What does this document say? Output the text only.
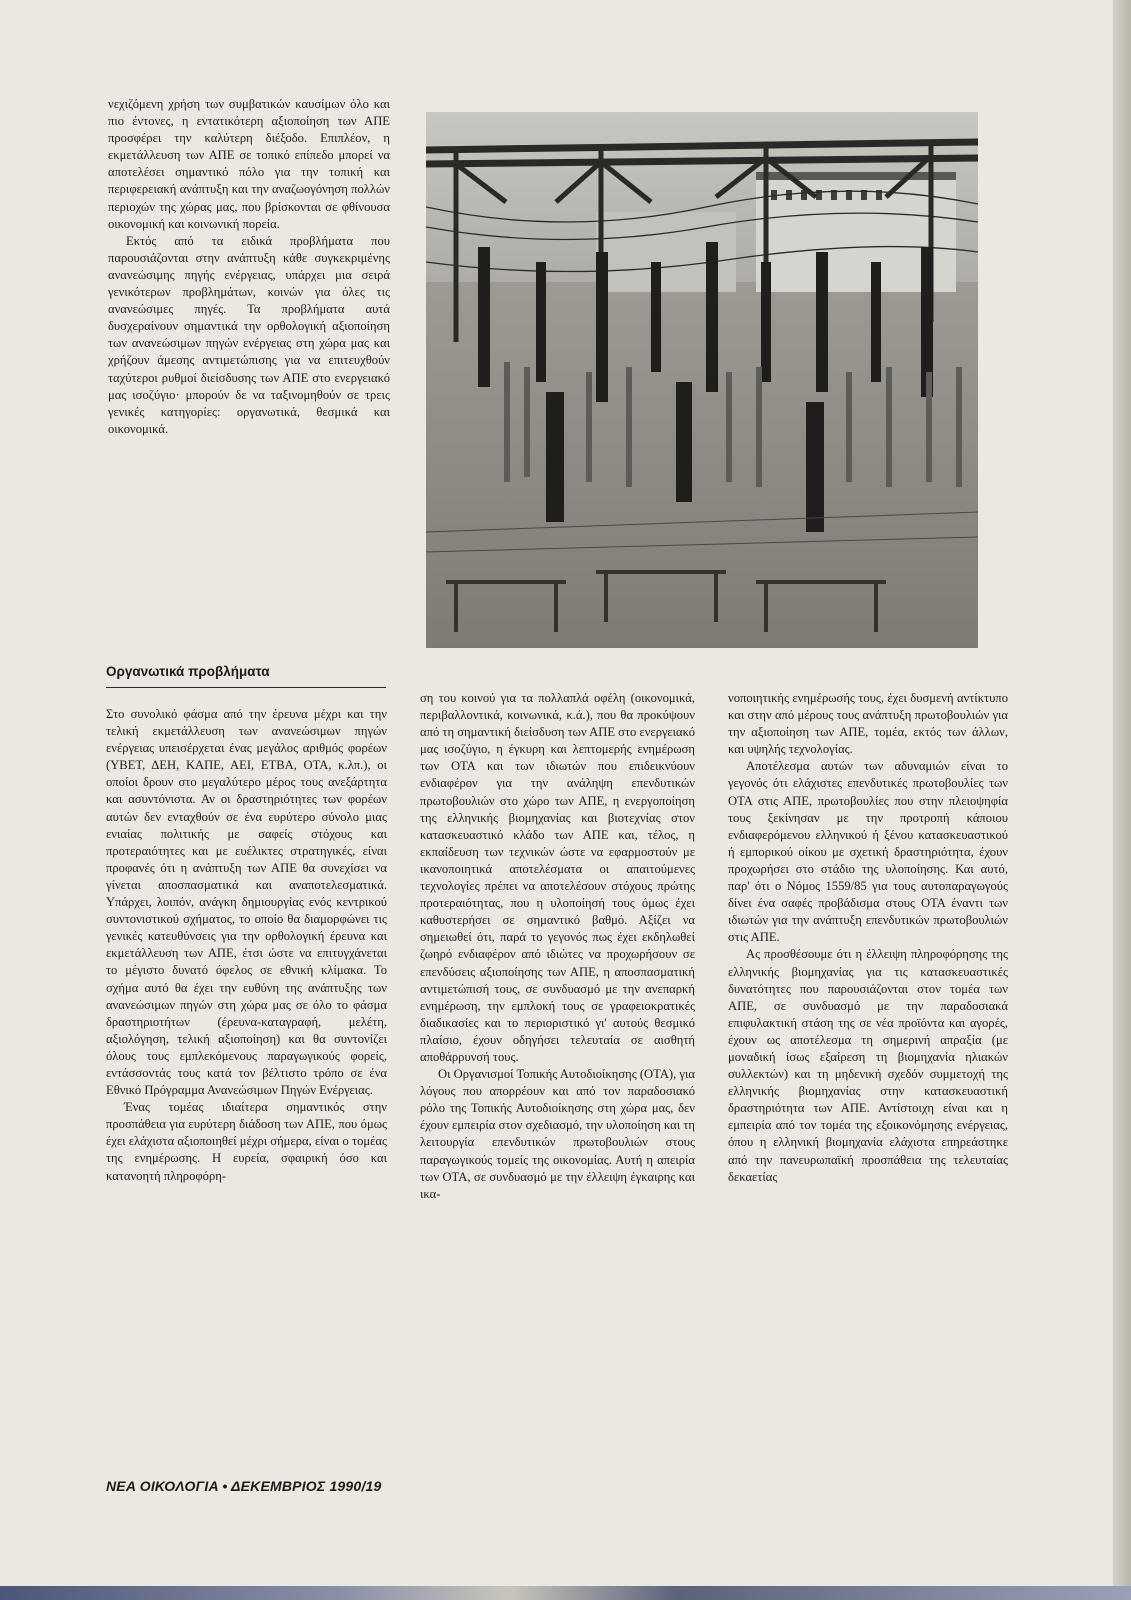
νεχιζόμενη χρήση των συμβατικών καυσίμων όλο και πιο έντονες, η εντατικότερη αξιοποίηση των ΑΠΕ προσφέρει την καλύτερη διέξοδο. Επιπλέον, η εκμετάλλευση των ΑΠΕ σε τοπικό επίπεδο μπορεί να αποτελέσει σημαντικό πόλο για την τοπική και περιφερειακή ανάπτυξη και την αναζωογόνηση πολλών περιοχών της χώρας μας, που βρίσκονται σε φθίνουσα οικονομική και κοινωνική πορεία.

Εκτός από τα ειδικά προβλήματα που παρουσιάζονται στην ανάπτυξη κάθε συγκεκριμένης ανανεώσιμης πηγής ενέργειας, υπάρχει μια σειρά γενικότερων προβλημάτων, κοινών για όλες τις ανανεώσιμες πηγές. Τα προβλήματα αυτά δυσχεραίνουν σημαντικά την ορθολογική αξιοποίηση των ανανεώσιμων πηγών ενέργειας στη χώρα μας και χρήζουν άμεσης αντιμετώπισης για να επιτευχθούν ταχύτεροι ρυθμοί διείσδυσης των ΑΠΕ στο ενεργειακό μας ισοζύγιο· μπορούν δε να ταξινομηθούν σε τρεις γενικές κατηγορίες: οργανωτικά, θεσμικά και οικονομικά.

Οργανωτικά προβλήματα

Στο συνολικό φάσμα από την έρευνα μέχρι και την τελική εκμετάλλευση των ανανεώσιμων πηγών ενέργειας υπεισέρχεται ένας μεγάλος αριθμός φορέων (ΥΒΕΤ, ΔΕΗ, ΚΑΠΕ, ΑΕΙ, ΕΤΒΑ, ΟΤΑ, κ.λπ.), οι οποίοι δρουν στο μεγαλύτερο μέρος τους ανεξάρτητα και ασυντόνιστα. Αν οι δραστηριότητες των φορέων αυτών δεν ενταχθούν σε ένα ευρύτερο σύνολο μιας ενιαίας πολιτικής με σαφείς στόχους και προτεραιότητες και με ευέλικτες στρατηγικές, είναι προφανές ότι η ανάπτυξη των ΑΠΕ θα συνεχίσει να γίνεται αποσπασματικά και αναποτελεσματικά. Υπάρχει, λοιπόν, ανάγκη δημιουργίας ενός κεντρικού συντονιστικού σχήματος, το οποίο θα διαμορφώνει τις γενικές κατευθύνσεις για την ορθολογική έρευνα και εκμετάλλευση των ΑΠΕ, έτσι ώστε να επιτυγχάνεται το μέγιστο δυνατό όφελος σε εθνική κλίμακα. Το σχήμα αυτό θα έχει την ευθύνη της ανάπτυξης των ανανεώσιμων πηγών στη χώρα μας σε όλο το φάσμα δραστηριοτήτων (έρευνα-καταγραφή, μελέτη, αξιολόγηση, τελική αξιοποίηση) και θα συντονίζει όλους τους εμπλεκόμενους παραγωγικούς φορείς, εντάσσοντάς τους κατά τον βέλτιστο τρόπο σε ένα Εθνικό Πρόγραμμα Ανανεώσιμων Πηγών Ενέργειας.

Ένας τομέας ιδιαίτερα σημαντικός στην προσπάθεια για ευρύτερη διάδοση των ΑΠΕ, που όμως έχει ελάχιστα αξιοποιηθεί μέχρι σήμερα, είναι ο τομέας της ενημέρωσης. Η ευρεία, σφαιρική όσο και κατανοητή πληροφόρη-

ση του κοινού για τα πολλαπλά οφέλη (οικονομικά, περιβαλλοντικά, κοινωνικά, κ.ά.), που θα προκύψουν από τη σημαντική διείσδυση των ΑΠΕ στο ενεργειακό μας ισοζύγιο, η έγκυρη και λεπτομερής ενημέρωση των ΟΤΑ και των ιδιωτών που επιδεικνύουν ενδιαφέρον για την ανάληψη επενδυτικών πρωτοβουλιών στο χώρο των ΑΠΕ, η ενεργοποίηση της ελληνικής βιομηχανίας και βιοτεχνίας στον κατασκευαστικό κλάδο των ΑΠΕ και, τέλος, η εκπαίδευση των τεχνικών ώστε να εφαρμοστούν με ικανοποιητικά αποτελέσματα οι απαιτούμενες τεχνολογίες πρέπει να αποτελέσουν στόχους πρώτης προτεραιότητας, που η υλοποίησή τους όμως έχει καθυστερήσει σε σημαντικό βαθμό. Αξίζει να σημειωθεί ότι, παρά το γεγονός πως έχει εκδηλωθεί ζωηρό ενδιαφέρον από ιδιώτες να προχωρήσουν σε επενδύσεις αξιοποίησης των ΑΠΕ, η αποσπασματική αντιμετώπισή τους, σε συνδυασμό με την ανεπαρκή ενημέρωση, την εμπλοκή τους σε γραφειοκρατικές διαδικασίες και το περιοριστικό γι' αυτούς θεσμικό πλαίσιο, έχουν οδηγήσει τελευταία σε αισθητή αποθάρρυνσή τους.

Οι Οργανισμοί Τοπικής Αυτοδιοίκησης (ΟΤΑ), για λόγους που απορρέουν και από τον παραδοσιακό ρόλο της Τοπικής Αυτοδιοίκησης στη χώρα μας, δεν έχουν εμπειρία στον σχεδιασμό, την υλοποίηση και τη λειτουργία επενδυτικών πρωτοβουλιών στους παραγωγικούς τομείς της οικονομίας. Αυτή η απειρία των ΟΤΑ, σε συνδυασμό με την έλλειψη έγκαιρης και ικα-

νοποιητικής ενημέρωσής τους, έχει δυσμενή αντίκτυπο και στην από μέρους τους ανάπτυξη πρωτοβουλιών για την αξιοποίηση των ΑΠΕ, τομέα, εκτός των άλλων, και υψηλής τεχνολογίας.

Αποτέλεσμα αυτών των αδυναμιών είναι το γεγονός ότι ελάχιστες επενδυτικές πρωτοβουλίες των ΟΤΑ στις ΑΠΕ, πρωτοβουλίες που στην πλειοψηφία τους ξεκίνησαν με την προτροπή κάποιου ενδιαφερόμενου ελληνικού ή ξένου κατασκευαστικού ή εμπορικού οίκου με σχετική δραστηριότητα, έχουν προχωρήσει στο στάδιο της υλοποίησης. Και αυτό, παρ' ότι ο Νόμος 1559/85 για τους αυτοπαραγωγούς δίνει ένα σαφές προβάδισμα στους ΟΤΑ έναντι των ιδιωτών για την ανάπτυξη επενδυτικών πρωτοβουλιών στις ΑΠΕ.

Ας προσθέσουμε ότι η έλλειψη πληροφόρησης της ελληνικής βιομηχανίας για τις κατασκευαστικές δυνατότητες που παρουσιάζονται στον τομέα των ΑΠΕ, σε συνδυασμό με την παραδοσιακά επιφυλακτική στάση της σε νέα προϊόντα και αγορές, έχουν ως αποτέλεσμα τη σημερινή απραξία (με μοναδική ίσως εξαίρεση τη βιομηχανία ηλιακών συλλεκτών) και τη μηδενική σχεδόν συμμετοχή της ελληνικής βιομηχανίας στην κατασκευαστική δραστηριότητα των ΑΠΕ. Αντίστοιχη είναι και η εμπειρία από τον τομέα της εξοικονόμησης ενέργειας, όπου η ελληνική βιομηχανία ελάχιστα επηρεάστηκε από την πανευρωπαϊκή προσπάθεια της τελευταίας δεκαετίας

ΝΕΑ ΟΙΚΟΛΟΓΙΑ • ΔΕΚΕΜΒΡΙΟΣ 1990/19
